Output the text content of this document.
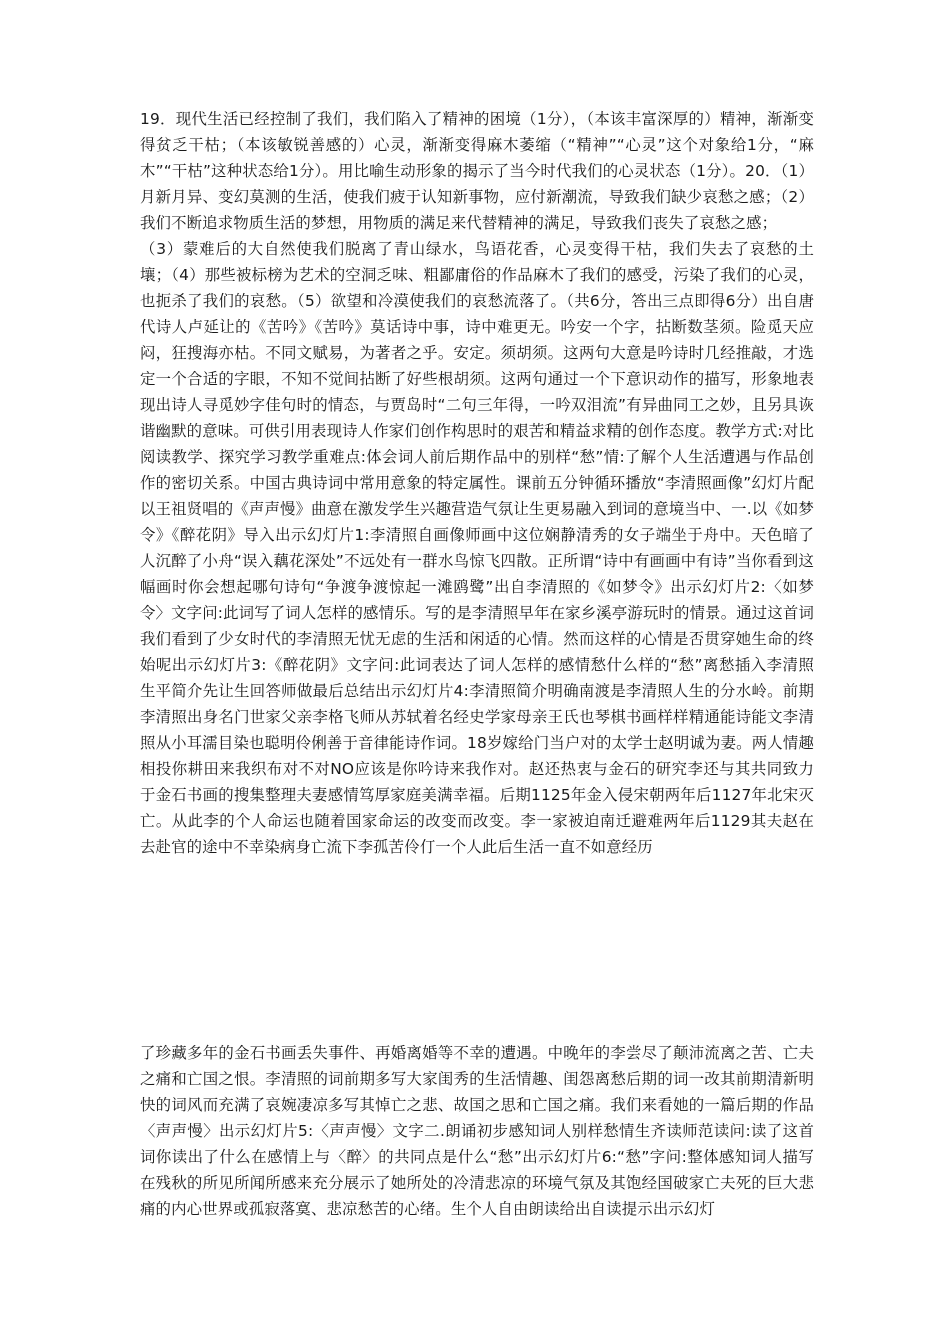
19．现代生活已经控制了我们，我们陷入了精神的困境（1分），（本该丰富深厚的）精神，渐渐变得贫乏干枯；（本该敏锐善感的）心灵，渐渐变得麻木萎缩（“精神”“心灵”这个对象给1分，“麻木”“干枯”这种状态给1分）。用比喻生动形象的揭示了当今时代我们的心灵状态（1分）。20．（1）月新月异、变幻莫测的生活，使我们疲于认知新事物，应付新潮流，导致我们缺少哀愁之感；（2）我们不断追求物质生活的梦想，用物质的满足来代替精神的满足，导致我们丧失了哀愁之感；

（3）蒙难后的大自然使我们脱离了青山绿水，鸟语花香，心灵变得干枯，我们失去了哀愁的土壤；（4）那些被标榜为艺术的空洞乏味、粗鄙庸俗的作品麻木了我们的感受，污染了我们的心灵，也扼杀了我们的哀愁。（5）欲望和冷漠使我们的哀愁流落了。（共6分，答出三点即得6分）出自唐代诗人卢延让的《苦吟》《苦吟》莫话诗中事，诗中难更无。吟安一个字，拈断数茎须。险觅天应闷，狂搜海亦枯。不同文赋易，为著者之乎。安定。须胡须。这两句大意是吟诗时几经推敲，才选定一个合适的字眼，不知不觉间拈断了好些根胡须。这两句通过一个下意识动作的描写，形象地表现出诗人寻觅妙字佳句时的情态，与贾岛时“二句三年得，一吟双泪流”有异曲同工之妙，且另具诙谐幽默的意味。可供引用表现诗人作家们创作构思时的艰苦和精益求精的创作态度。教学方式:对比阅读教学、探究学习教学重难点:体会词人前后期作品中的别样“愁”情:了解个人生活遭遇与作品创作的密切关系。中国古典诗词中常用意象的特定属性。课前五分钟循环播放“李清照画像”幻灯片配以王祖贤唱的《声声慢》曲意在激发学生兴趣营造气氛让生更易融入到词的意境当中、一.以《如梦令》《醉花阴》导入出示幻灯片1:李清照自画像师画中这位娴静清秀的女子端坐于舟中。天色暗了人沉醉了小舟“误入藕花深处”不远处有一群水鸟惊飞四散。正所谓“诗中有画画中有诗”当你看到这幅画时你会想起哪句诗句“争渡争渡惊起一滩鸥鹭”出自李清照的《如梦令》出示幻灯片2:〈如梦令〉文字问:此词写了词人怎样的感情乐。写的是李清照早年在家乡溪亭游玩时的情景。通过这首词我们看到了少女时代的李清照无忧无虑的生活和闲适的心情。然而这样的心情是否贯穿她生命的终始呢出示幻灯片3:《醉花阴》文字问:此词表达了词人怎样的感情愁什么样的“愁”离愁插入李清照生平简介先让生回答师做最后总结出示幻灯片4:李清照简介明确南渡是李清照人生的分水岭。前期李清照出身名门世家父亲李格飞师从苏轼着名经史学家母亲王氏也琴棋书画样样精通能诗能文李清照从小耳濡目染也聪明伶俐善于音律能诗作词。18岁嫁给门当户对的太学士赵明诚为妻。两人情趣相投你耕田来我织布对不对NO应该是你吟诗来我作对。赵还热衷与金石的研究李还与其共同致力于金石书画的搜集整理夫妻感情笃厚家庭美满幸福。后期1125年金入侵宋朝两年后1127年北宋灭亡。从此李的个人命运也随着国家命运的改变而改变。李一家被迫南迁避难两年后1129其夫赵在去赴官的途中不幸染病身亡流下李孤苦伶仃一个人此后生活一直不如意经历

了珍藏多年的金石书画丢失事件、再婚离婚等不幸的遭遇。中晚年的李尝尽了颠沛流离之苦、亡夫之痛和亡国之恨。李清照的词前期多写大家闺秀的生活情趣、闺怨离愁后期的词一改其前期清新明快的词风而充满了哀婉凄凉多写其悼亡之悲、故国之思和亡国之痛。我们来看她的一篇后期的作品〈声声慢〉出示幻灯片5:〈声声慢〉文字二.朗诵初步感知词人别样愁情生齐读师范读问:读了这首词你读出了什么在感情上与〈醉〉的共同点是什么“愁”出示幻灯片6:“愁”字问:整体感知词人描写在残秋的所见所闻所感来充分展示了她所处的冷清悲凉的环境气氛及其饱经国破家亡夫死的巨大悲痛的内心世界或孤寂落寞、悲凉愁苦的心绪。生个人自由朗读给出自读提示出示幻灯
